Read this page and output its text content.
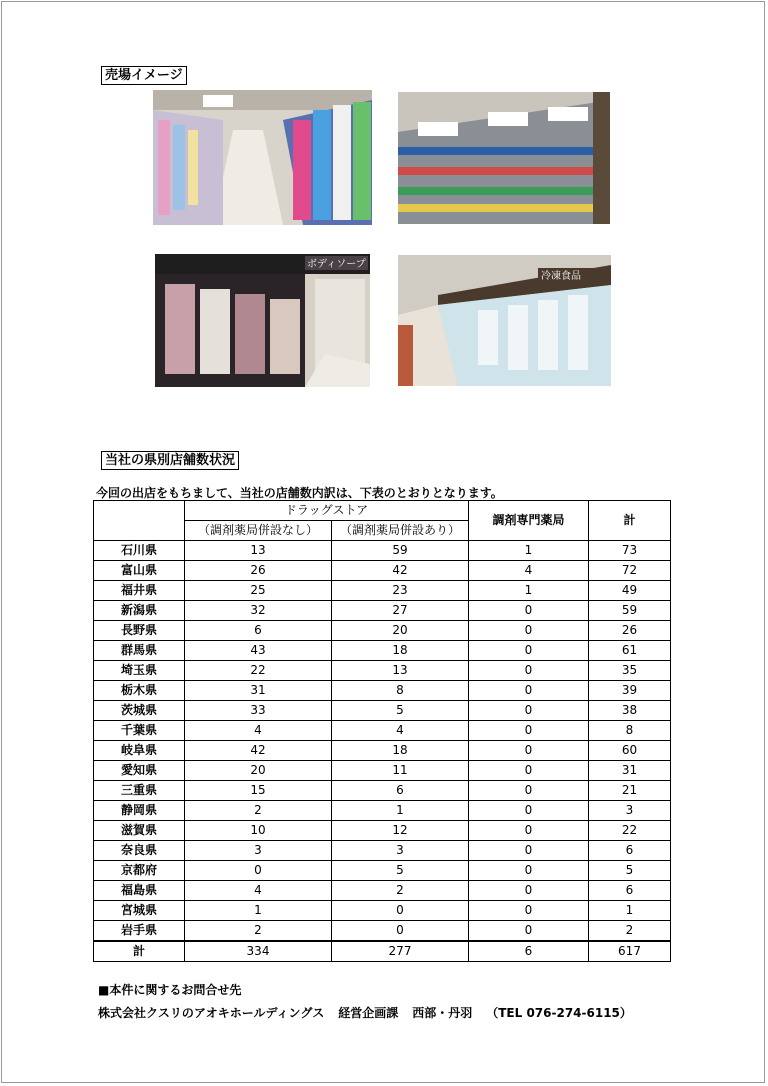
売場イメージ
ボディソープ
冷凍食品
当社の県別店舗数状況
今回の出店をもちまして、当社の店舗数内訳は、下表のとおりとなります。
	ドラッグストア		調剤専門薬局	計
	（調剤薬局併設なし）	（調剤薬局併設あり）		
石川県	13	59	1	73
富山県	26	42	4	72
福井県	25	23	1	49
新潟県	32	27	0	59
長野県	6	20	0	26
群馬県	43	18	0	61
埼玉県	22	13	0	35
栃木県	31	8	0	39
茨城県	33	5	0	38
千葉県	4	4	0	8
岐阜県	42	18	0	60
愛知県	20	11	0	31
三重県	15	6	0	21
静岡県	2	1	0	3
滋賀県	10	12	0	22
奈良県	3	3	0	6
京都府	0	5	0	5
福島県	4	2	0	6
宮城県	1	0	0	1
岩手県	2	0	0	2
計	334	277	6	617
■本件に関するお問合せ先
株式会社クスリのアオキホールディングス 経営企画課 西部・丹羽 （TEL 076-274-6115）
